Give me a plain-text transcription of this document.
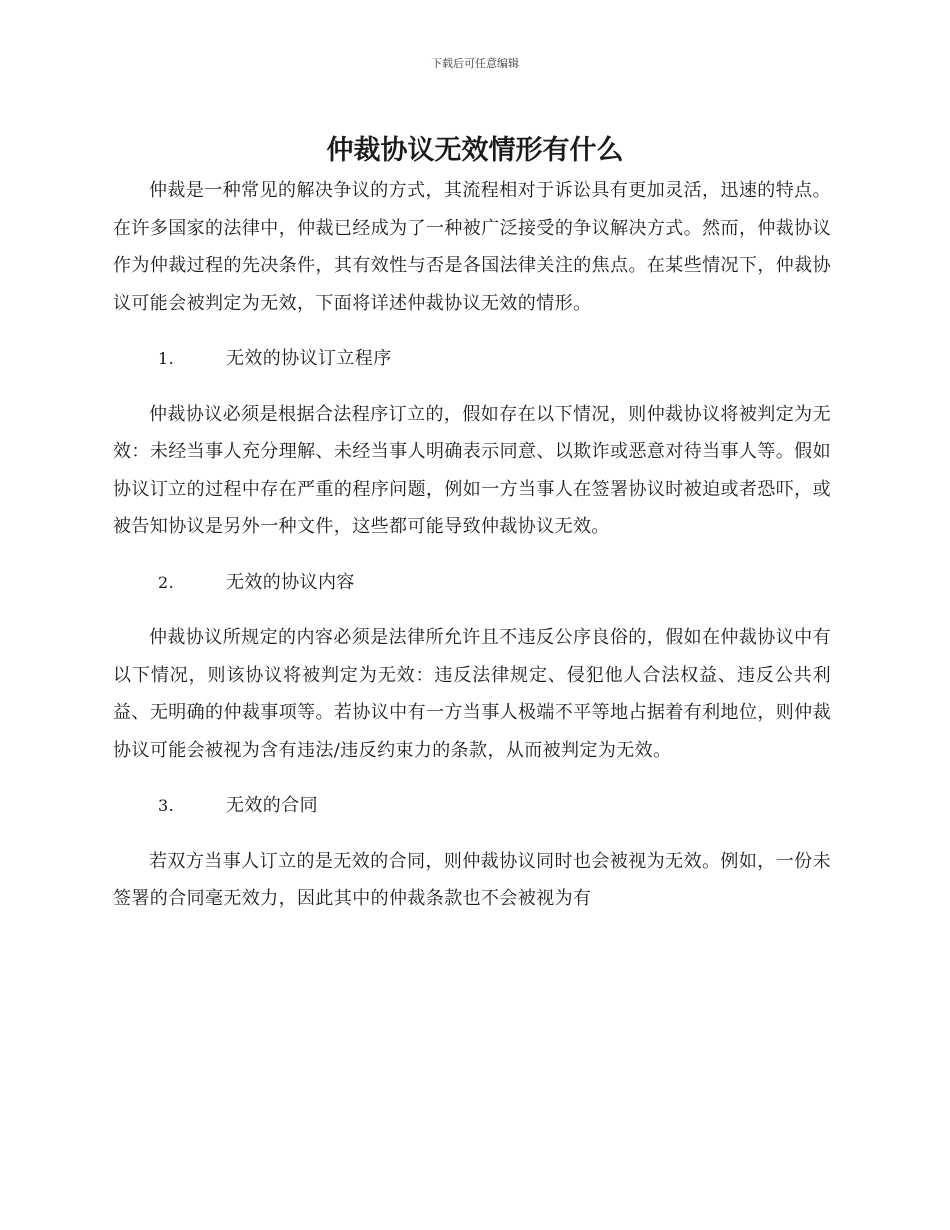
下载后可任意编辑
仲裁协议无效情形有什么

仲裁是一种常见的解决争议的方式，其流程相对于诉讼具有更加灵活，迅速的特点。在许多国家的法律中，仲裁已经成为了一种被广泛接受的争议解决方式。然而，仲裁协议作为仲裁过程的先决条件，其有效性与否是各国法律关注的焦点。在某些情况下，仲裁协议可能会被判定为无效，下面将详述仲裁协议无效的情形。

1.	无效的协议订立程序

仲裁协议必须是根据合法程序订立的，假如存在以下情况，则仲裁协议将被判定为无效：未经当事人充分理解、未经当事人明确表示同意、以欺诈或恶意对待当事人等。假如协议订立的过程中存在严重的程序问题，例如一方当事人在签署协议时被迫或者恐吓，或被告知协议是另外一种文件，这些都可能导致仲裁协议无效。

2.	无效的协议内容

仲裁协议所规定的内容必须是法律所允许且不违反公序良俗的，假如在仲裁协议中有以下情况，则该协议将被判定为无效：违反法律规定、侵犯他人合法权益、违反公共利益、无明确的仲裁事项等。若协议中有一方当事人极端不平等地占据着有利地位，则仲裁协议可能会被视为含有违法/违反约束力的条款，从而被判定为无效。

3.	无效的合同

若双方当事人订立的是无效的合同，则仲裁协议同时也会被视为无效。例如，一份未签署的合同毫无效力，因此其中的仲裁条款也不会被视为有
